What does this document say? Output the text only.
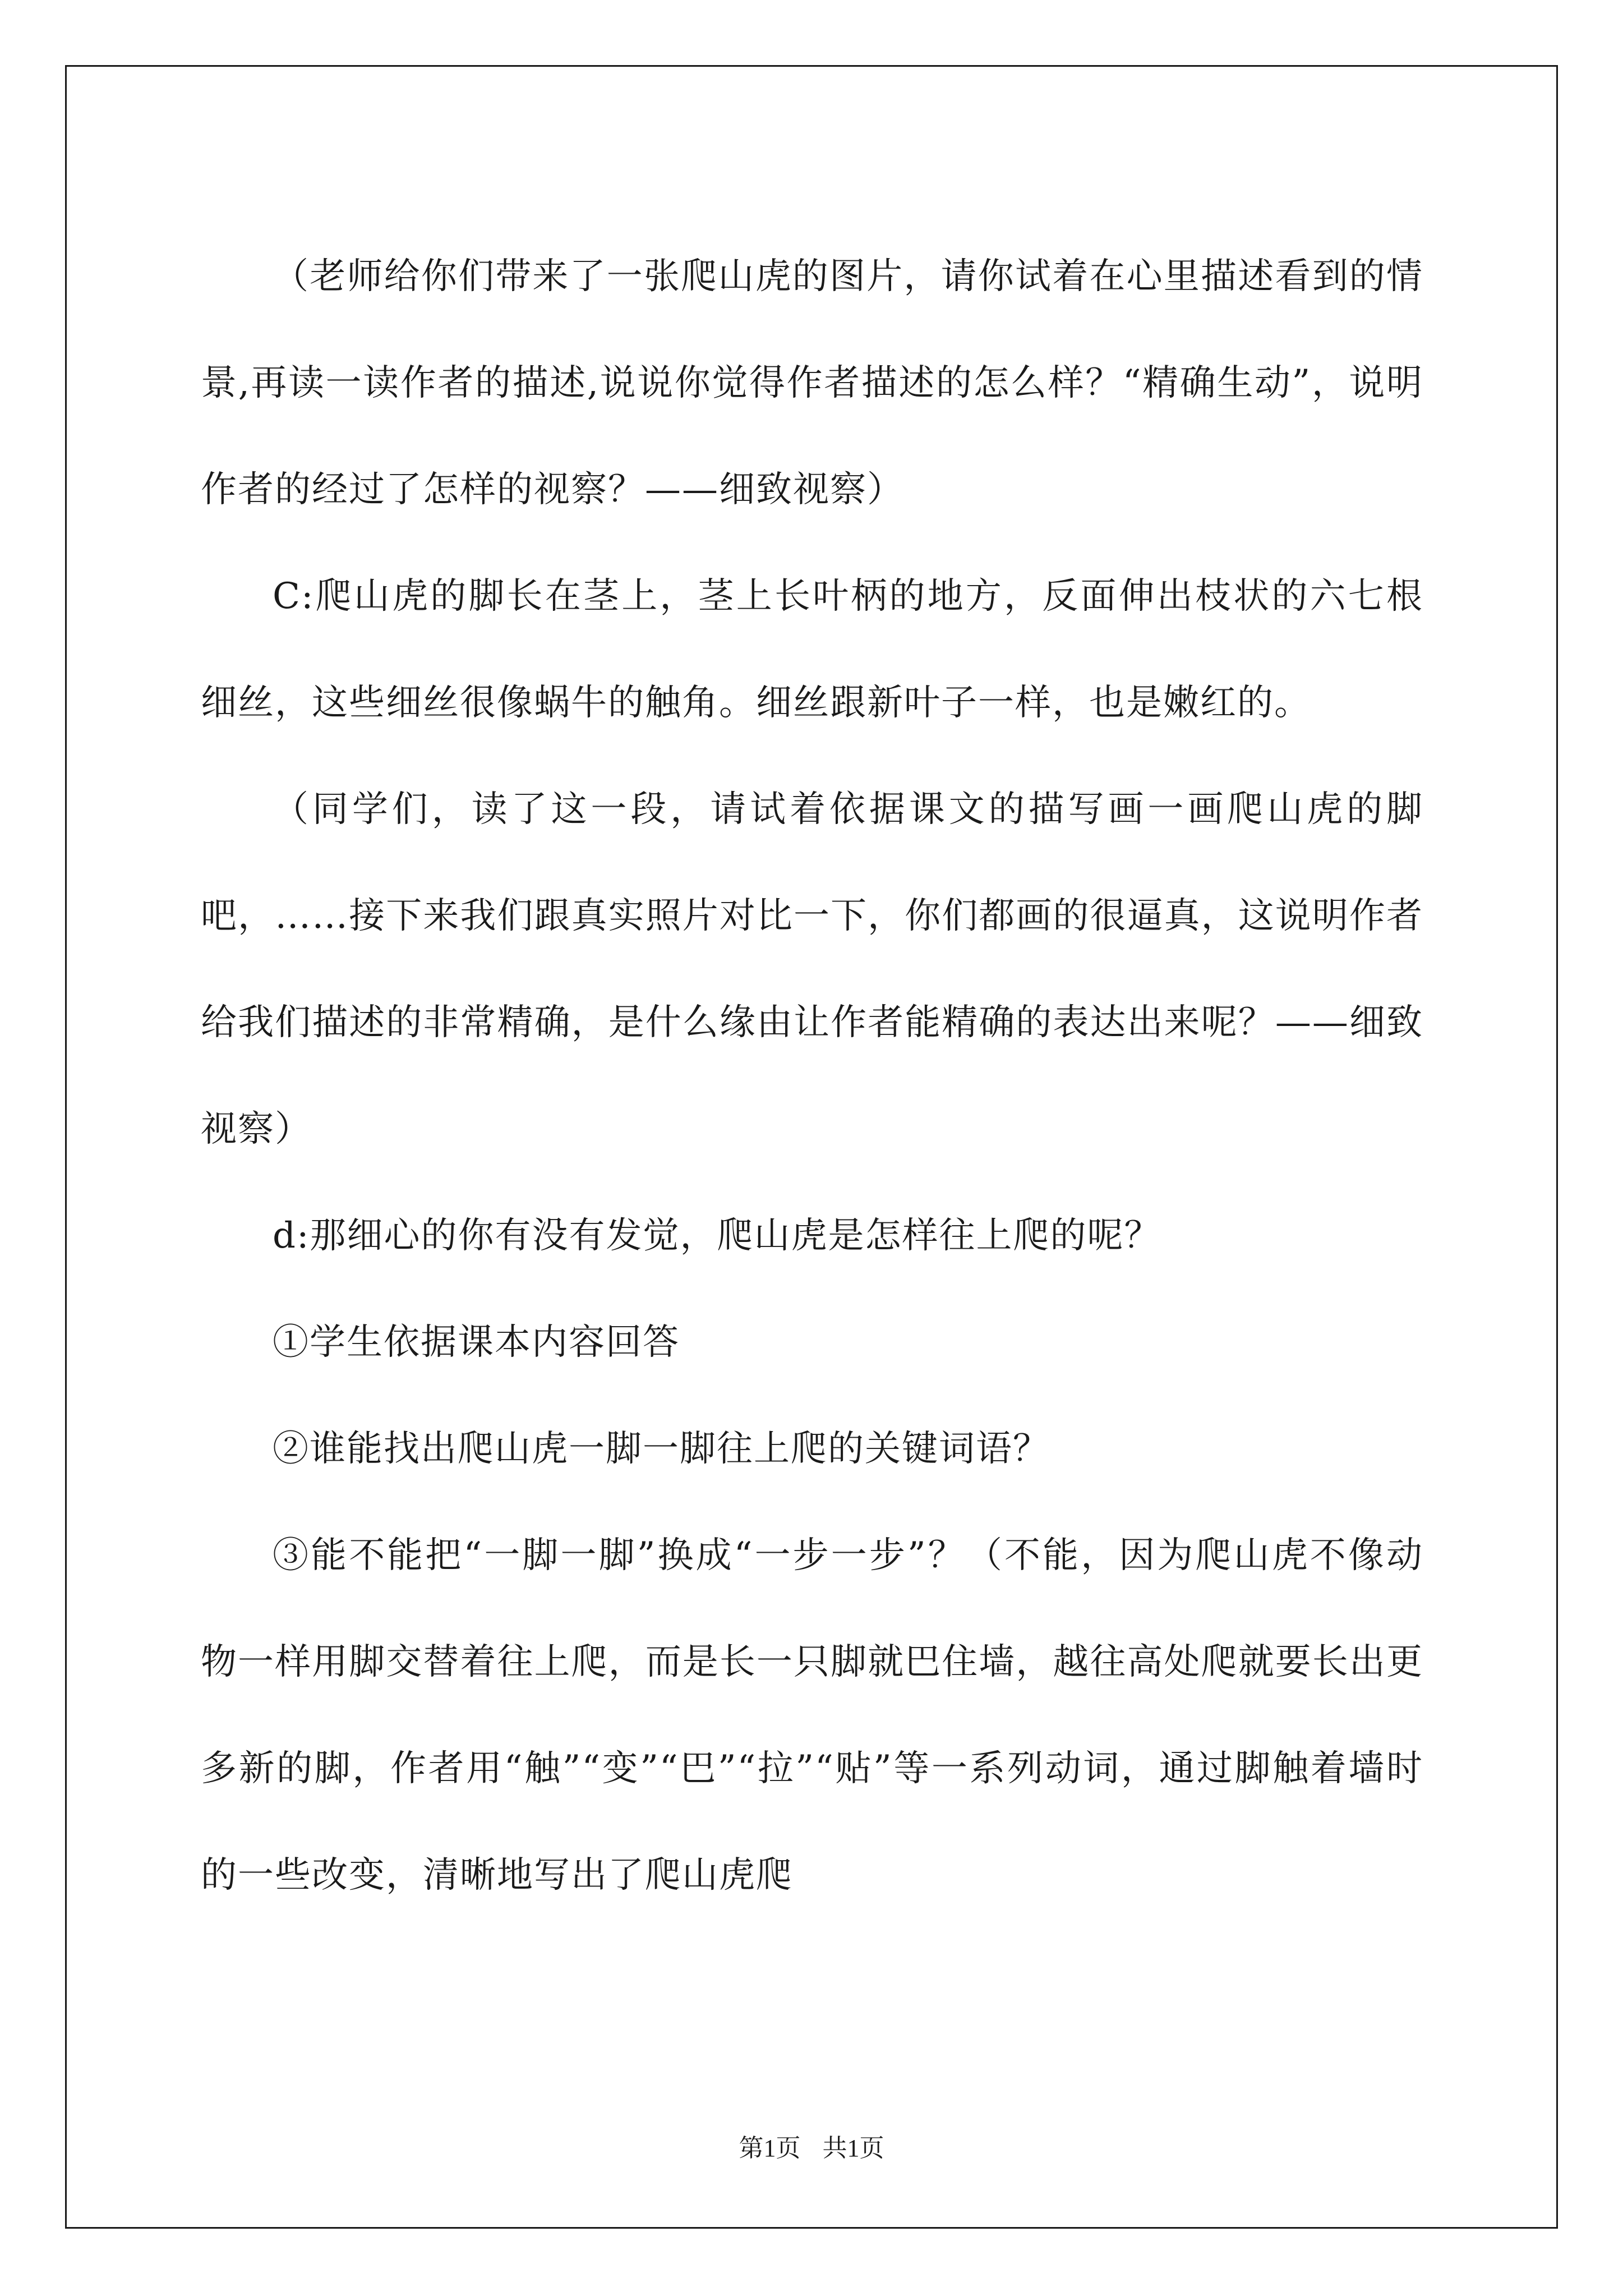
（老师给你们带来了一张爬山虎的图片，请你试着在心里描述看到的情景,再读一读作者的描述,说说你觉得作者描述的怎么样？“精确生动”，说明作者的经过了怎样的视察？——细致视察）

C:爬山虎的脚长在茎上，茎上长叶柄的地方，反面伸出枝状的六七根细丝，这些细丝很像蜗牛的触角。细丝跟新叶子一样，也是嫩红的。

（同学们，读了这一段，请试着依据课文的描写画一画爬山虎的脚吧，……接下来我们跟真实照片对比一下，你们都画的很逼真，这说明作者给我们描述的非常精确，是什么缘由让作者能精确的表达出来呢？——细致视察）

d:那细心的你有没有发觉，爬山虎是怎样往上爬的呢？

①学生依据课本内容回答

②谁能找出爬山虎一脚一脚往上爬的关键词语？

③能不能把“一脚一脚”换成“一步一步”？（不能，因为爬山虎不像动物一样用脚交替着往上爬，而是长一只脚就巴住墙，越往高处爬就要长出更多新的脚，作者用“触”“变”“巴”“拉”“贴”等一系列动词，通过脚触着墙时的一些改变，清晰地写出了爬山虎爬

第1页 共1页
